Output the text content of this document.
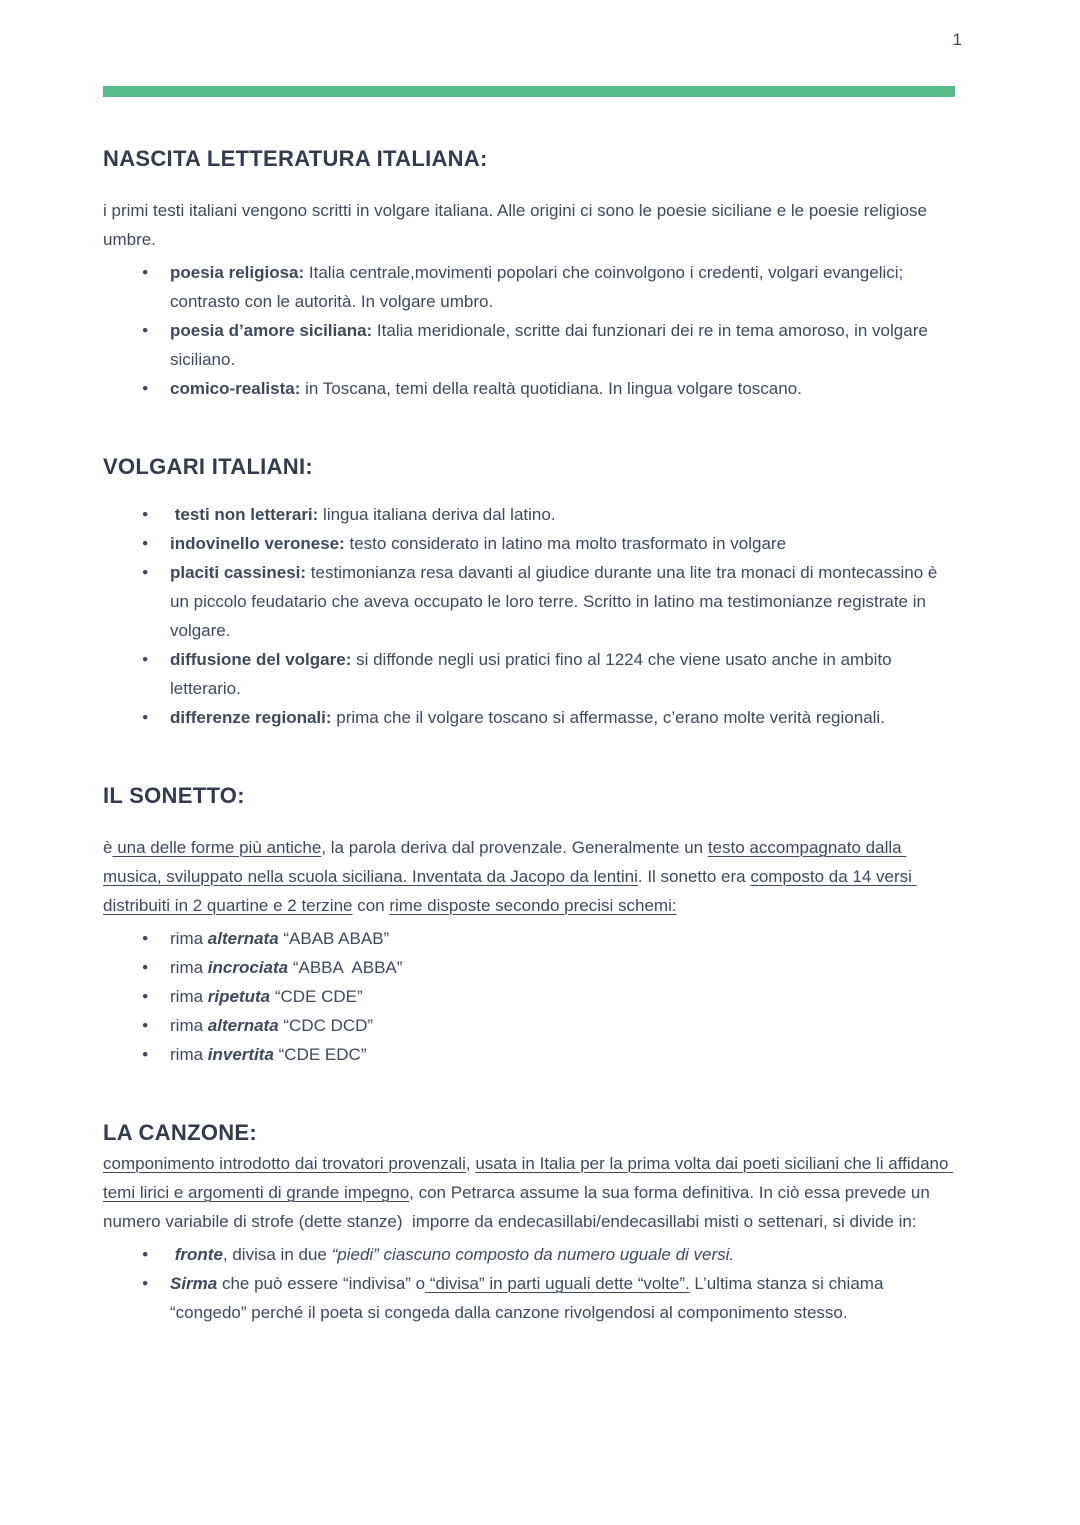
1
NASCITA LETTERATURA ITALIANA:

i primi testi italiani vengono scritti in volgare italiana. Alle origini ci sono le poesie siciliane e le poesie religiose umbre.

● poesia religiosa: Italia centrale,movimenti popolari che coinvolgono i credenti, volgari evangelici; contrasto con le autorità. In volgare umbro.
● poesia d’amore siciliana: Italia meridionale, scritte dai funzionari dei re in tema amoroso, in volgare siciliano.
● comico-realista: in Toscana, temi della realtà quotidiana. In lingua volgare toscano.
VOLGARI ITALIANI:
●  testi non letterari: lingua italiana deriva dal latino.
● indovinello veronese: testo considerato in latino ma molto trasformato in volgare
● placiti cassinesi: testimonianza resa davanti al giudice durante una lite tra monaci di montecassino è un piccolo feudatario che aveva occupato le loro terre. Scritto in latino ma testimonianze registrate in volgare.
● diffusione del volgare: si diffonde negli usi pratici fino al 1224 che viene usato anche in ambito letterario.
● differenze regionali: prima che il volgare toscano si affermasse, c’erano molte verità regionali.
IL SONETTO:

è una delle forme più antiche, la parola deriva dal provenzale. Generalmente un testo accompagnato dalla musica, sviluppato nella scuola siciliana. Inventata da Jacopo da lentini. Il sonetto era composto da 14 versi distribuiti in 2 quartine e 2 terzine con rime disposte secondo precisi schemi:

● rima alternata “ABAB ABAB”
● rima incrociata “ABBA  ABBA”
● rima ripetuta “CDE CDE”
● rima alternata “CDC DCD”
● rima invertita “CDE EDC”
LA CANZONE:

componimento introdotto dai trovatori provenzali, usata in Italia per la prima volta dai poeti siciliani che li affidano temi lirici e argomenti di grande impegno, con Petrarca assume la sua forma definitiva. In ciò essa prevede un numero variabile di strofe (dette stanze)  imporre da endecasillabi/endecasillabi misti o settenari, si divide in:

● fronte, divisa in due “piedi” ciascuno composto da numero uguale di versi.
● Sirma che può essere “indivisa” o “divisa” in parti uguali dette “volte”. L’ultima stanza si chiama “congedo” perché il poeta si congeda dalla canzone rivolgendosi al componimento stesso.
